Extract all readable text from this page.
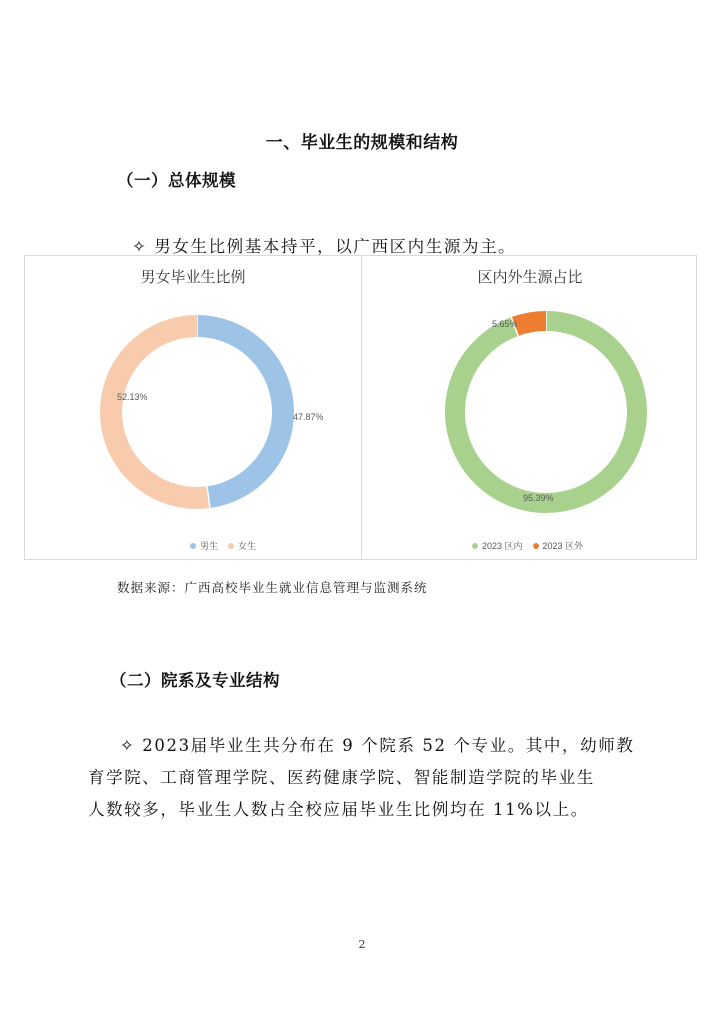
一、毕业生的规模和结构
（一）总体规模
✧ 男女生比例基本持平，以广西区内生源为主。
男女毕业生比例
52.13%
47.87%
男生 女生
区内外生源占比
5.65%
95.39%
2023 区内 2023 区外
数据来源：广西高校毕业生就业信息管理与监测系统
（二）院系及专业结构
✧ 2023届毕业生共分布在 9 个院系 52 个专业。其中，幼师教
育学院、工商管理学院、医药健康学院、智能制造学院的毕业生
人数较多，毕业生人数占全校应届毕业生比例均在 11%以上。
2
